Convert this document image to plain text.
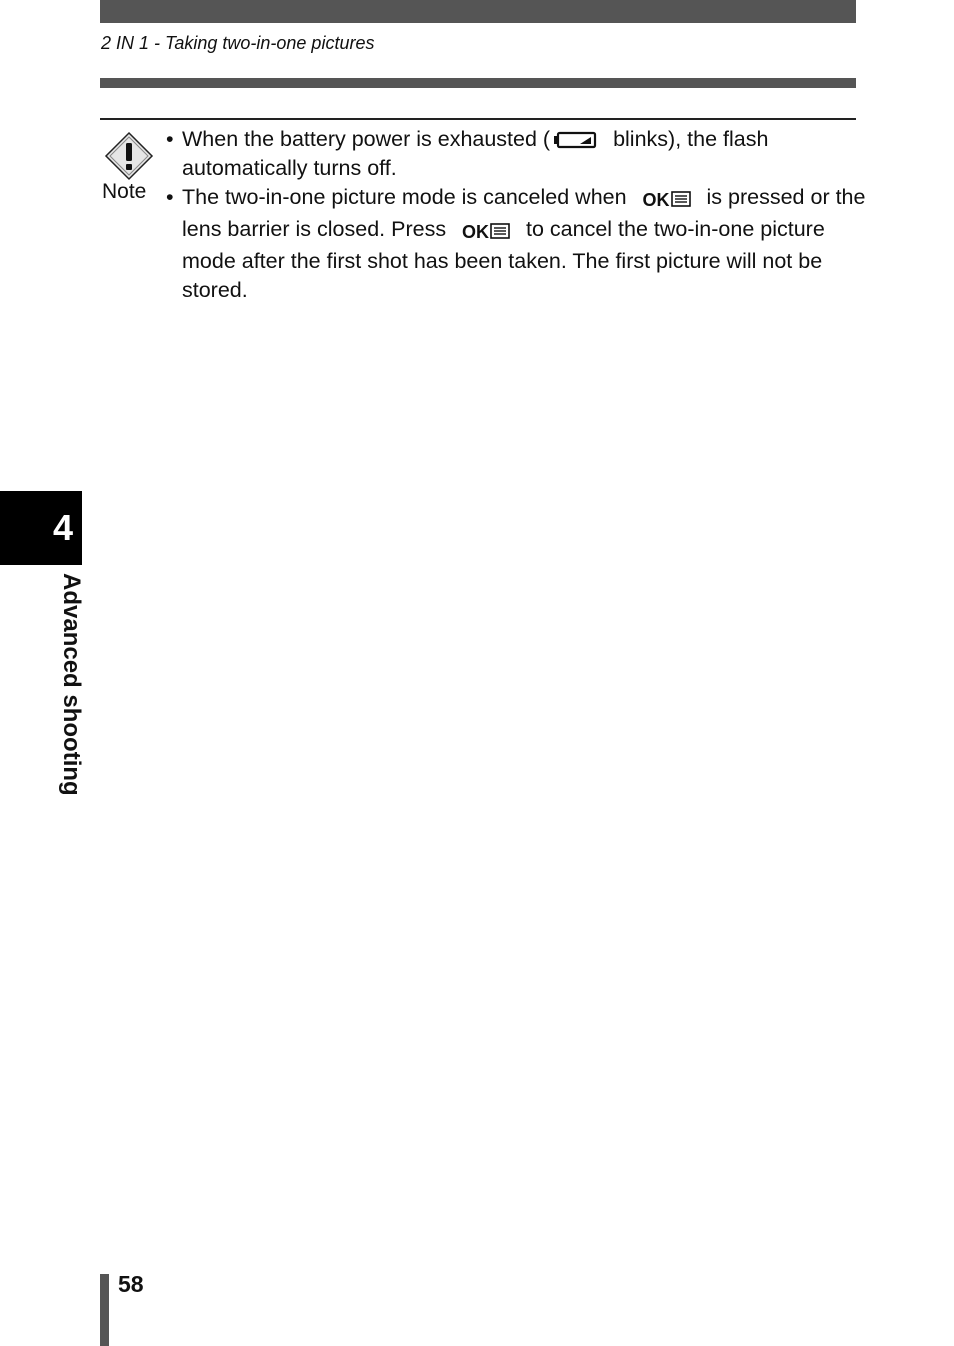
2 IN 1 - Taking two-in-one pictures
Note
• When the battery power is exhausted (	blinks), the flash automatically turns off.
• The two-in-one picture mode is canceled when OK is pressed or the lens barrier is closed. Press OK to cancel the two-in-one picture mode after the first shot has been taken. The first picture will not be stored.
4
Advanced shooting
58
